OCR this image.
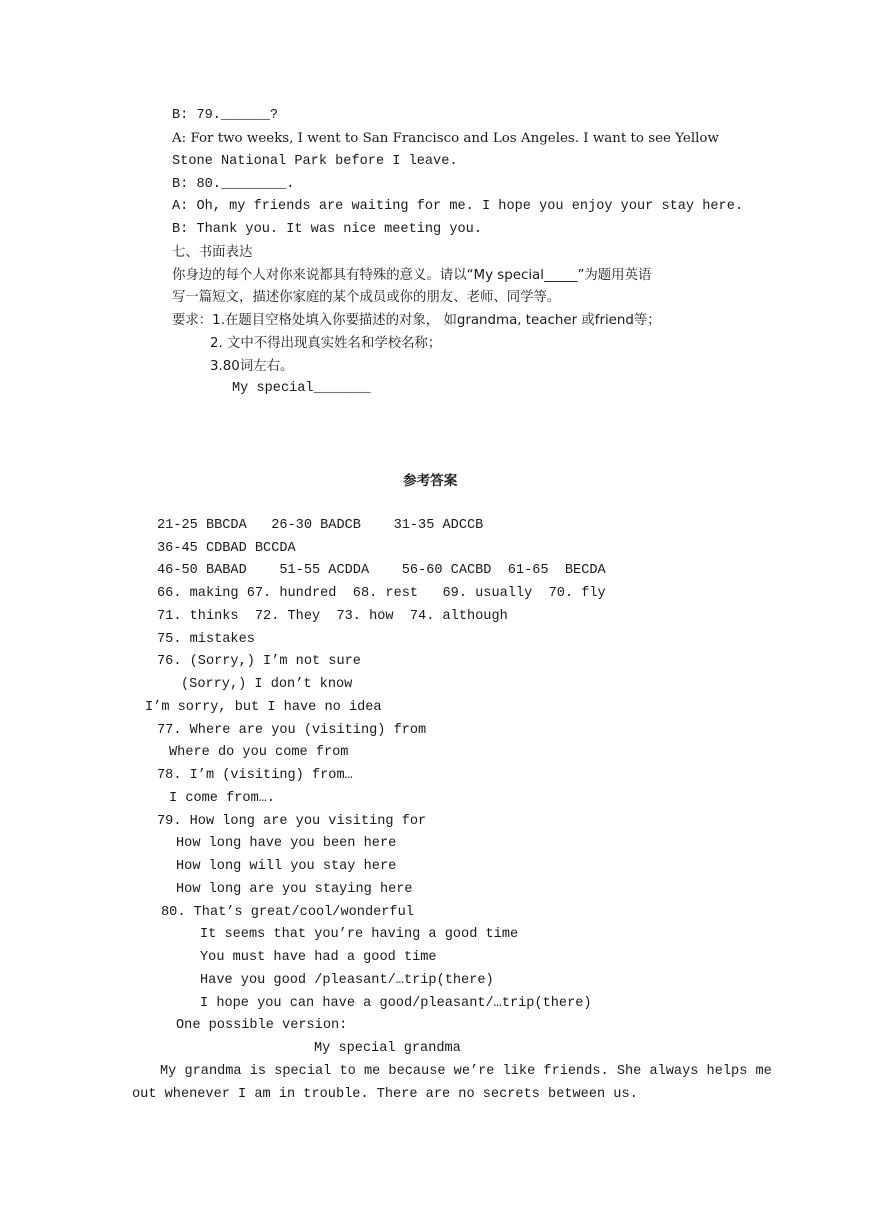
B: 79.______?
A: For two weeks, I went to San Francisco and Los Angeles. I want to see Yellow
Stone National Park before I leave.
B: 80.________.
A: Oh, my friends are waiting for me. I hope you enjoy your stay here.
B: Thank you. It was nice meeting you.
七、书面表达
你身边的每个人对你来说都具有特殊的意义。请以“My special_____”为题用英语
写一篇短文，描述你家庭的某个成员或你的朋友、老师、同学等。
要求：1.在题目空格处填入你要描述的对象， 如grandma, teacher 或friend等；
2. 文中不得出现真实姓名和学校名称；
3.80词左右。
My special_______
参考答案
21-25 BBCDA   26-30 BADCB    31-35 ADCCB
36-45 CDBAD BCCDA
46-50 BABAD    51-55 ACDDA    56-60 CACBD  61-65  BECDA
66. making 67. hundred  68. rest   69. usually  70. fly
71. thinks  72. They  73. how  74. although
75. mistakes
76. (Sorry,) I’m not sure
(Sorry,) I don’t know
I’m sorry, but I have no idea
77. Where are you (visiting) from
Where do you come from
78. I’m (visiting) from…
I come from….
79. How long are you visiting for
How long have you been here
How long will you stay here
How long are you staying here
80. That’s great/cool/wonderful
It seems that you’re having a good time
You must have had a good time
Have you good /pleasant/…trip(there)
I hope you can have a good/pleasant/…trip(there)
One possible version:
My special grandma
My grandma is special to me because we’re like friends. She always helps me
out whenever I am in trouble. There are no secrets between us.
